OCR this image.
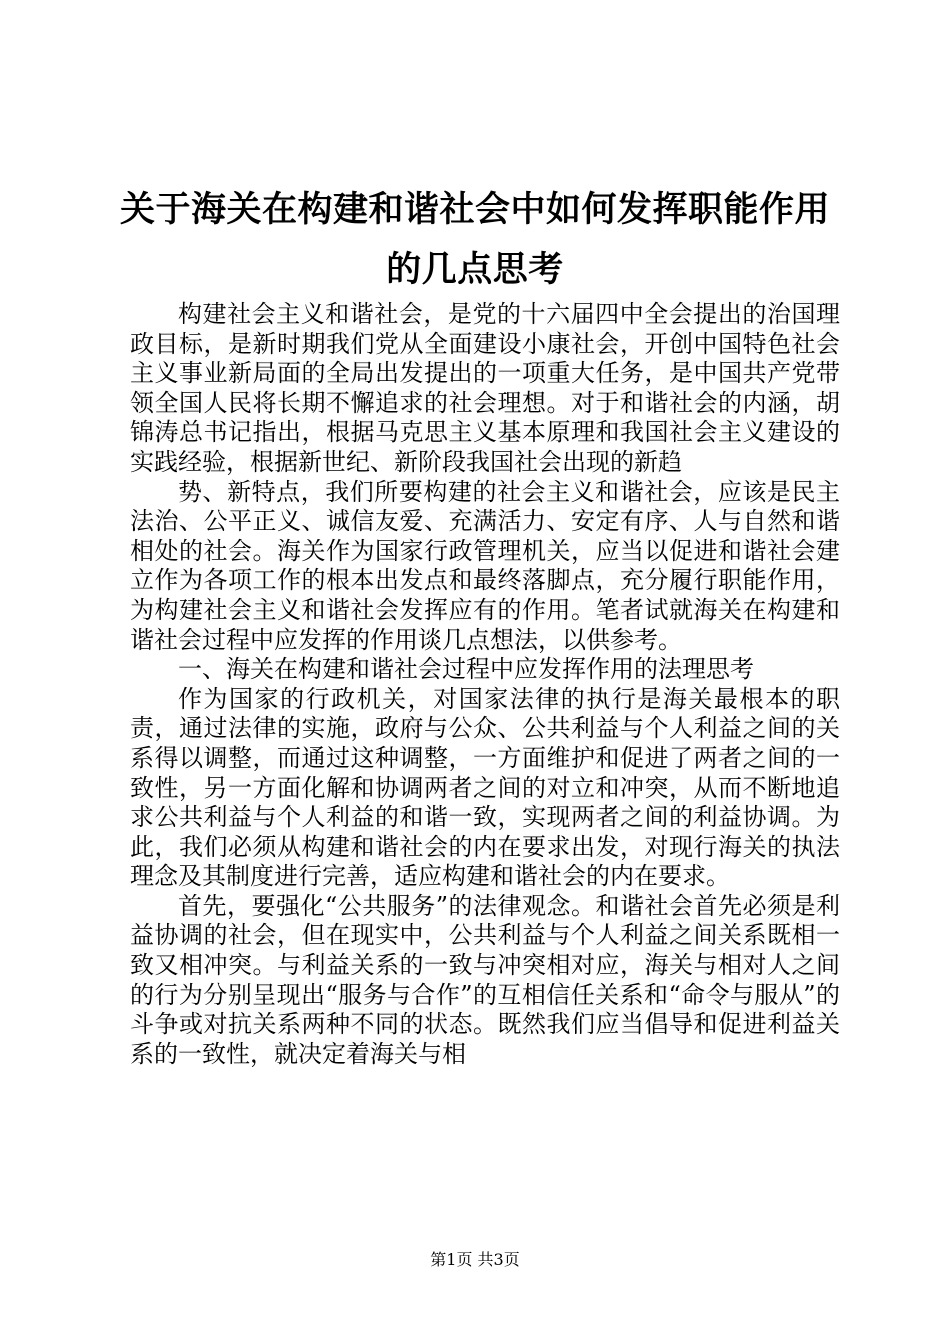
关于海关在构建和谐社会中如何发挥职能作用
的几点思考

构建社会主义和谐社会，是党的十六届四中全会提出的治国理政目标，是新时期我们党从全面建设小康社会，开创中国特色社会主义事业新局面的全局出发提出的一项重大任务，是中国共产党带领全国人民将长期不懈追求的社会理想。对于和谐社会的内涵，胡锦涛总书记指出，根据马克思主义基本原理和我国社会主义建设的实践经验，根据新世纪、新阶段我国社会出现的新趋

势、新特点，我们所要构建的社会主义和谐社会，应该是民主法治、公平正义、诚信友爱、充满活力、安定有序、人与自然和谐相处的社会。海关作为国家行政管理机关，应当以促进和谐社会建立作为各项工作的根本出发点和最终落脚点，充分履行职能作用，为构建社会主义和谐社会发挥应有的作用。笔者试就海关在构建和谐社会过程中应发挥的作用谈几点想法，以供参考。

一、海关在构建和谐社会过程中应发挥作用的法理思考

作为国家的行政机关，对国家法律的执行是海关最根本的职责，通过法律的实施，政府与公众、公共利益与个人利益之间的关系得以调整，而通过这种调整，一方面维护和促进了两者之间的一致性，另一方面化解和协调两者之间的对立和冲突，从而不断地追求公共利益与个人利益的和谐一致，实现两者之间的利益协调。为此，我们必须从构建和谐社会的内在要求出发，对现行海关的执法理念及其制度进行完善，适应构建和谐社会的内在要求。

首先，要强化“公共服务”的法律观念。和谐社会首先必须是利益协调的社会，但在现实中，公共利益与个人利益之间关系既相一致又相冲突。与利益关系的一致与冲突相对应，海关与相对人之间的行为分别呈现出“服务与合作”的互相信任关系和“命令与服从”的斗争或对抗关系两种不同的状态。既然我们应当倡导和促进利益关系的一致性，就决定着海关与相

第1页 共3页
